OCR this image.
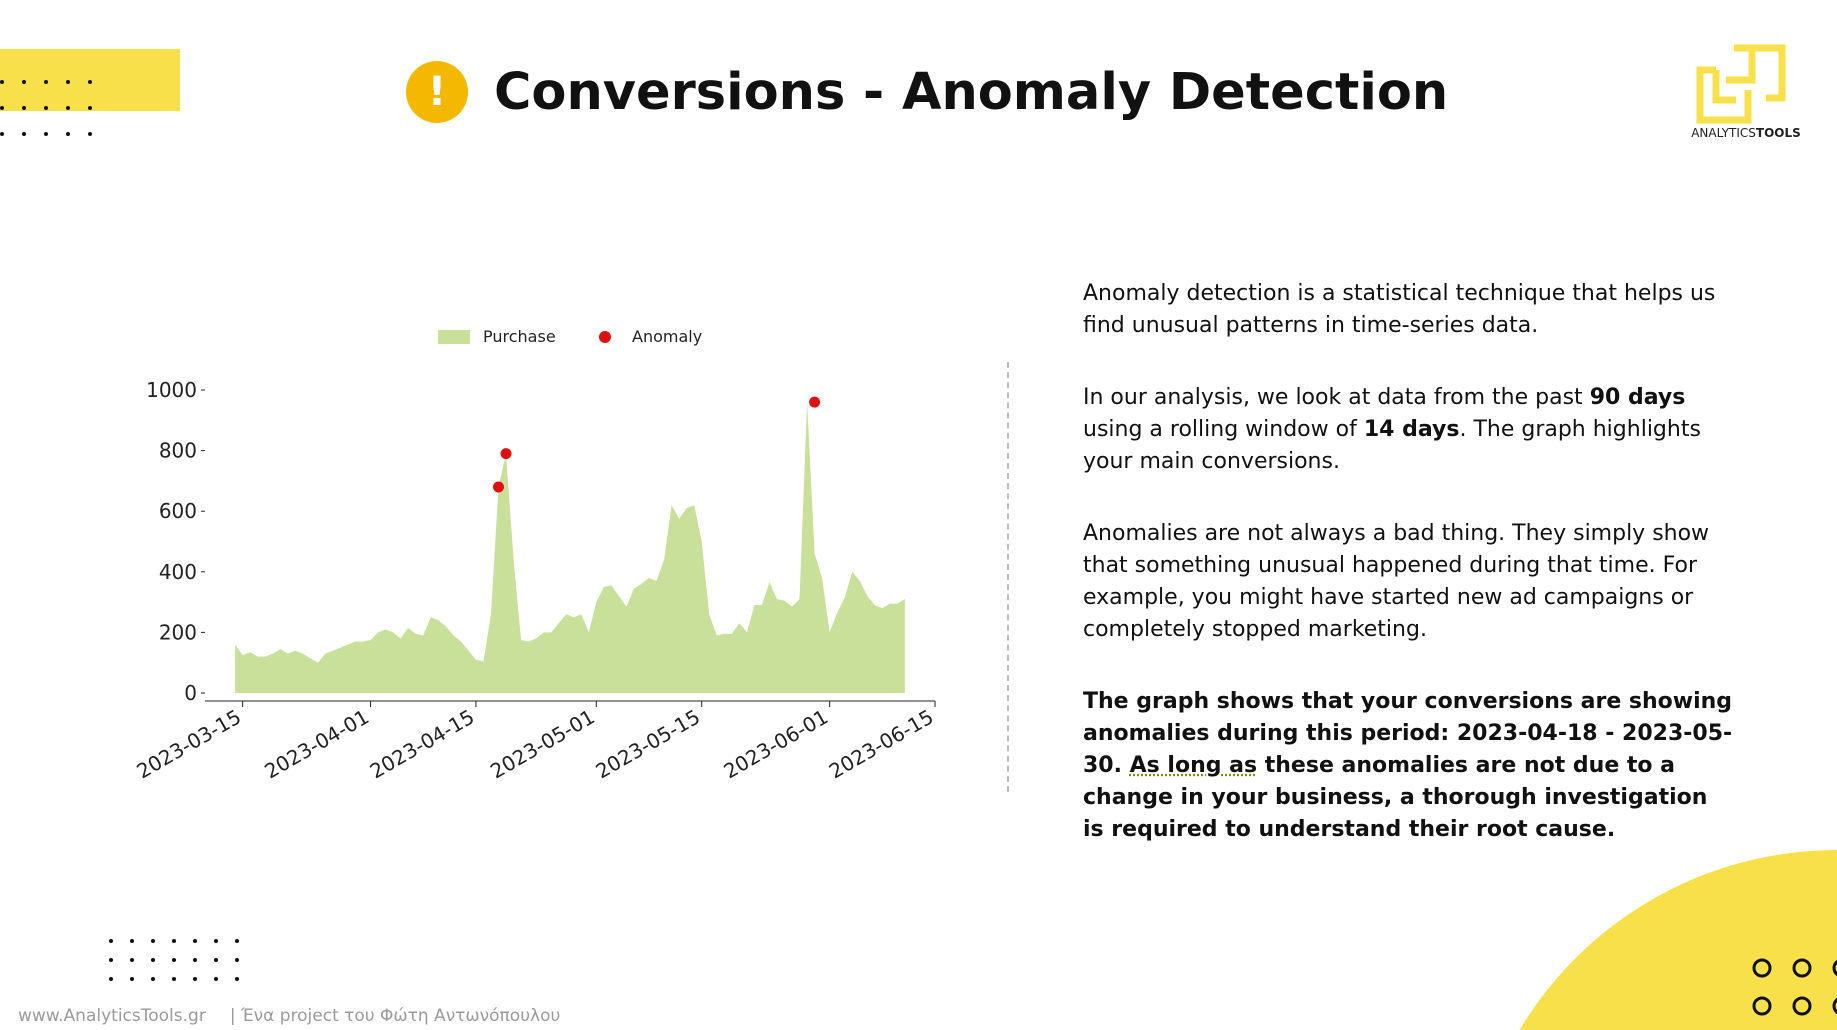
! Conversions - Anomaly Detection
ANALYTICSTOOLS
2023-03-15 2023-04-01
2023-04-15 2023-05-01
2023-05-15 2023-06-01
2023-06-15
0
200
400
600
800
1000
Purchase	Anomaly

Anomaly detection is a statistical technique that helps us find unusual patterns in time-series data.

In our analysis, we look at data from the past 90 days using a rolling window of 14 days. The graph highlights your main conversions.

Anomalies are not always a bad thing. They simply show that something unusual happened during that time. For example, you might have started new ad campaigns or completely stopped marketing.

The graph shows that your conversions are showing anomalies during this period: 2023-04-18 - 2023-05-30. As long as these anomalies are not due to a change in your business, a thorough investigation is required to understand their root cause.

www.AnalyticsTools.gr | Ένα project του Φώτη Αντωνόπουλου
